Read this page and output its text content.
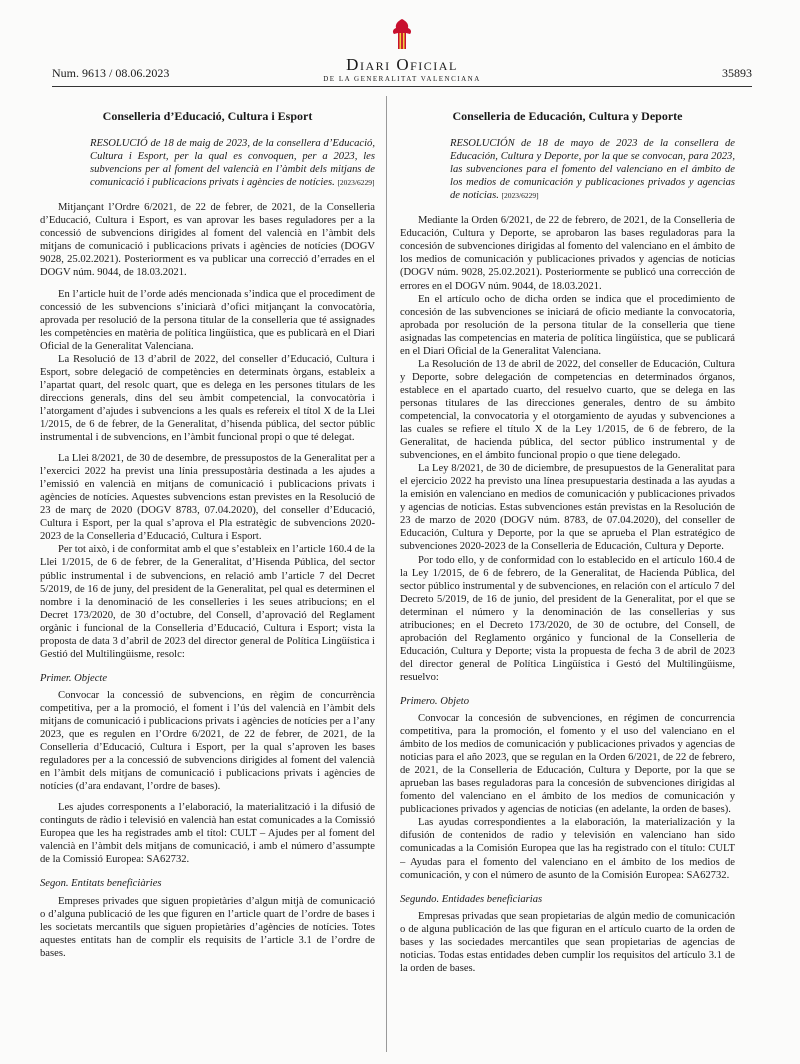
Num. 9613 / 08.06.2023	Diari Oficial
DE LA GENERALITAT VALENCIANA	35893
Conselleria d’Educació, Cultura i Esport
RESOLUCIÓ de 18 de maig de 2023, de la consellera d’Educació, Cultura i Esport, per la qual es convoquen, per a 2023, les subvencions per al foment del valencià en l’àmbit dels mitjans de comunicació i publicacions privats i agències de notícies. [2023/6229]

Mitjançant l’Ordre 6/2021, de 22 de febrer, de 2021, de la Conselleria d’Educació, Cultura i Esport, es van aprovar les bases reguladores per a la concessió de subvencions dirigides al foment del valencià en l’àmbit dels mitjans de comunicació i publicacions privats i agències de notícies (DOGV 9028, 25.02.2021). Posteriorment es va publicar una correcció d’errades en el DOGV núm. 9044, de 18.03.2021.

En l’article huit de l’orde adés mencionada s’indica que el procediment de concessió de les subvencions s’iniciarà d’ofici mitjançant la convocatòria, aprovada per resolució de la persona titular de la conselleria que té assignades les competències en matèria de política lingüística, que es publicarà en el Diari Oficial de la Generalitat Valenciana.

La Resolució de 13 d’abril de 2022, del conseller d’Educació, Cultura i Esport, sobre delegació de competències en determinats òrgans, estableix a l’apartat quart, del resolc quart, que es delega en les persones titulars de les direccions generals, dins del seu àmbit competencial, la convocatòria i l’atorgament d’ajudes i subvencions a les quals es refereix el títol X de la Llei 1/2015, de 6 de febrer, de la Generalitat, d’hisenda pública, del sector públic instrumental i de subvencions, en l’àmbit funcional propi o que té delegat.

La Llei 8/2021, de 30 de desembre, de pressupostos de la Generalitat per a l’exercici 2022 ha previst una línia pressupostària destinada a les ajudes a l’emissió en valencià en mitjans de comunicació i publicacions privats i agències de notícies. Aquestes subvencions estan previstes en la Resolució de 23 de març de 2020 (DOGV 8783, 07.04.2020), del conseller d’Educació, Cultura i Esport, per la qual s’aprova el Pla estratègic de subvencions 2020-2023 de la Conselleria d’Educació, Cultura i Esport.

Per tot això, i de conformitat amb el que s’estableix en l’article 160.4 de la Llei 1/2015, de 6 de febrer, de la Generalitat, d’Hisenda Pública, del sector públic instrumental i de subvencions, en relació amb l’article 7 del Decret 5/2019, de 16 de juny, del president de la Generalitat, pel qual es determinen el nombre i la denominació de les conselleries i les seues atribucions; en el Decret 173/2020, de 30 d’octubre, del Consell, d’aprovació del Reglament orgànic i funcional de la Conselleria d’Educació, Cultura i Esport; vista la proposta de data 3 d’abril de 2023 del director general de Política Lingüística i Gestió del Multilingüisme, resolc:

Primer. Objecte

Convocar la concessió de subvencions, en règim de concurrència competitiva, per a la promoció, el foment i l’ús del valencià en l’àmbit dels mitjans de comunicació i publicacions privats i agències de notícies per a l’any 2023, que es regulen en l’Ordre 6/2021, de 22 de febrer, de 2021, de la Conselleria d’Educació, Cultura i Esport, per la qual s’aproven les bases reguladores per a la concessió de subvencions dirigides al foment del valencià en l’àmbit dels mitjans de comunicació i publicacions privats i agències de notícies (d’ara endavant, l’ordre de bases).

Les ajudes corresponents a l’elaboració, la materialització i la difusió de continguts de ràdio i televisió en valencià han estat comunicades a la Comissió Europea que les ha registrades amb el títol: CULT – Ajudes per al foment del valencià en l’àmbit dels mitjans de comunicació, i amb el número d’assumpte de la Comissió Europea: SA62732.

Segon. Entitats beneficiàries

Empreses privades que siguen propietàries d’algun mitjà de comunicació o d’alguna publicació de les que figuren en l’article quart de l’ordre de bases i les societats mercantils que siguen propietàries d’agències de notícies. Totes aquestes entitats han de complir els requisits de l’article 3.1 de l’ordre de bases.

Conselleria de Educación, Cultura y Deporte
RESOLUCIÓN de 18 de mayo de 2023 de la consellera de Educación, Cultura y Deporte, por la que se convocan, para 2023, las subvenciones para el fomento del valenciano en el ámbito de los medios de comunicación y publicaciones privados y agencias de noticias. [2023/6229]

Mediante la Orden 6/2021, de 22 de febrero, de 2021, de la Conselleria de Educación, Cultura y Deporte, se aprobaron las bases reguladoras para la concesión de subvenciones dirigidas al fomento del valenciano en el ámbito de los medios de comunicación y publicaciones privados y agencias de noticias (DOGV núm. 9028, 25.02.2021). Posteriormente se publicó una corrección de errores en el DOGV núm. 9044, de 18.03.2021.

En el artículo ocho de dicha orden se indica que el procedimiento de concesión de las subvenciones se iniciará de oficio mediante la convocatoria, aprobada por resolución de la persona titular de la conselleria que tiene asignadas las competencias en materia de política lingüística, que se publicará en el Diari Oficial de la Generalitat Valenciana.

La Resolución de 13 de abril de 2022, del conseller de Educación, Cultura y Deporte, sobre delegación de competencias en determinados órganos, establece en el apartado cuarto, del resuelvo cuarto, que se delega en las personas titulares de las direcciones generales, dentro de su ámbito competencial, la convocatoria y el otorgamiento de ayudas y subvenciones a las cuales se refiere el título X de la Ley 1/2015, de 6 de febrero, de la Generalitat, de hacienda pública, del sector público instrumental y de subvenciones, en el ámbito funcional propio o que tiene delegado.

La Ley 8/2021, de 30 de diciembre, de presupuestos de la Generalitat para el ejercicio 2022 ha previsto una línea presupuestaria destinada a las ayudas a la emisión en valenciano en medios de comunicación y publicaciones privados y agencias de noticias. Estas subvenciones están previstas en la Resolución de 23 de marzo de 2020 (DOGV núm. 8783, de 07.04.2020), del conseller de Educación, Cultura y Deporte, por la que se aprueba el Plan estratégico de subvenciones 2020-2023 de la Conselleria de Educación, Cultura y Deporte.

Por todo ello, y de conformidad con lo establecido en el artículo 160.4 de la Ley 1/2015, de 6 de febrero, de la Generalitat, de Hacienda Pública, del sector público instrumental y de subvenciones, en relación con el artículo 7 del Decreto 5/2019, de 16 de junio, del president de la Generalitat, por el que se determinan el número y la denominación de las consellerias y sus atribuciones; en el Decreto 173/2020, de 30 de octubre, del Consell, de aprobación del Reglamento orgánico y funcional de la Conselleria de Educación, Cultura y Deporte; vista la propuesta de fecha 3 de abril de 2023 del director general de Política Lingüística i Gestó del Multilingüisme, resuelvo:

Primero. Objeto

Convocar la concesión de subvenciones, en régimen de concurrencia competitiva, para la promoción, el fomento y el uso del valenciano en el ámbito de los medios de comunicación y publicaciones privados y agencias de noticias para el año 2023, que se regulan en la Orden 6/2021, de 22 de febrero, de 2021, de la Conselleria de Educación, Cultura y Deporte, por la que se aprueban las bases reguladoras para la concesión de subvenciones dirigidas al fomento del valenciano en el ámbito de los medios de comunicación y publicaciones privados y agencias de noticias (en adelante, la orden de bases).

Las ayudas correspondientes a la elaboración, la materialización y la difusión de contenidos de radio y televisión en valenciano han sido comunicadas a la Comisión Europea que las ha registrado con el título: CULT – Ayudas para el fomento del valenciano en el ámbito de los medios de comunicación, y con el número de asunto de la Comisión Europea: SA62732.

Segundo. Entidades beneficiarias

Empresas privadas que sean propietarias de algún medio de comunicación o de alguna publicación de las que figuran en el artículo cuarto de la orden de bases y las sociedades mercantiles que sean propietarias de agencias de noticias. Todas estas entidades deben cumplir los requisitos del artículo 3.1 de la orden de bases.
